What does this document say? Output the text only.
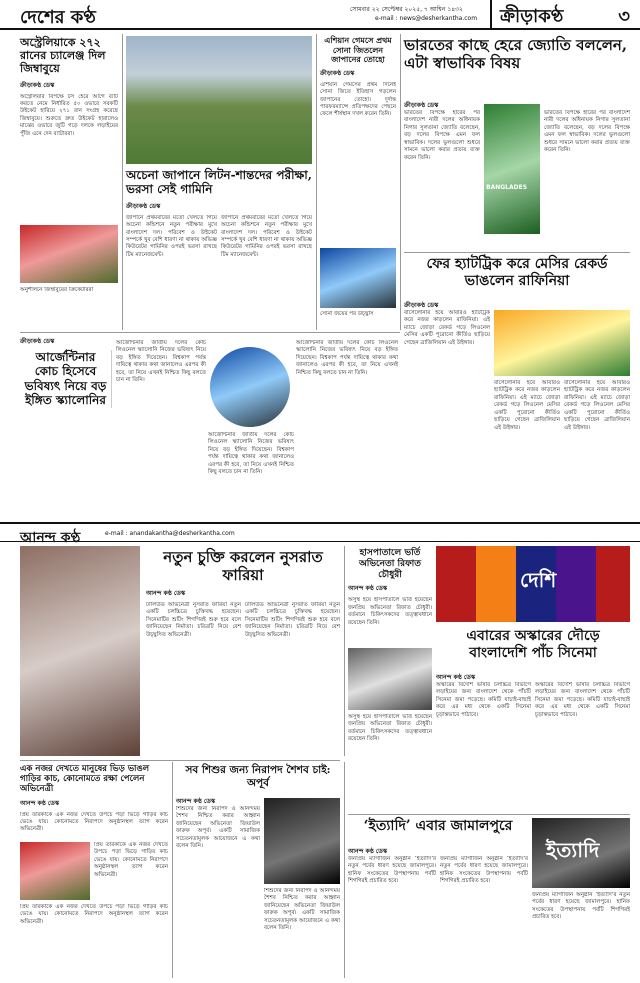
দেশের কণ্ঠ	সোমবার ২২ সেপ্টেম্বর ২০২৫, ৭ আশ্বিন ১৪৩২
e-mail : news@desherkantha.com ক্রীড়াকণ্ঠ	৩
অস্ট্রেলিয়াকে ২৭২ রানের চ্যালেঞ্জ দিল জিম্বাবুয়ে
ক্রীড়াকণ্ঠ ডেস্ক
অস্ট্রেলিয়ার বিপক্ষে টস হেরে আগে ব্যাট করতে নেমে নির্ধারিত ৫০ ওভারে সবকটি উইকেট হারিয়ে ২৭১ রান সংগ্রহ করেছে জিম্বাবুয়ে। শুরুতে দ্রুত উইকেট হারালেও মাঝের ওভারে জুটি গড়ে দলকে লড়াইয়ের পুঁজি এনে দেন ব্যাটাররা।
অনুশীলনে জিম্বাবুয়ের ক্রিকেটাররা
অচেনা জাপানে লিটন-শান্তদের পরীক্ষা, ভরসা সেই গামিনি
ক্রীড়াকণ্ঠ ডেস্ক
জাপানে প্রথমবারের মতো খেলতে গিয়ে অচেনা কন্ডিশনে নতুন পরীক্ষার মুখে বাংলাদেশ দল। পরিবেশ ও উইকেট সম্পর্কে খুব বেশি ধারণা না থাকায় অভিজ্ঞ কিউরেটর গামিনির ওপরই ভরসা রাখছে টিম ম্যানেজমেন্ট।
জাপানে প্রথমবারের মতো খেলতে গিয়ে অচেনা কন্ডিশনে নতুন পরীক্ষার মুখে বাংলাদেশ দল। পরিবেশ ও উইকেট সম্পর্কে খুব বেশি ধারণা না থাকায় অভিজ্ঞ কিউরেটর গামিনির ওপরই ভরসা রাখছে টিম ম্যানেজমেন্ট।
এশিয়ান গেমসে প্রথম সোনা জিতলেন জাপানের তোহো
ক্রীড়াকণ্ঠ ডেস্ক
এশিয়ান গেমসের প্রথম দিনেই সোনা জিতে ইতিহাস গড়লেন জাপানের তোহো। দুর্দান্ত পারফরম্যান্সে প্রতিপক্ষদের পেছনে ফেলে শীর্ষস্থান দখল করেন তিনি।
সোনা জয়ের পর উচ্ছ্বাস
ভারতের কাছে হেরে জ্যোতি বললেন, এটা স্বাভাবিক বিষয়
ক্রীড়াকণ্ঠ ডেস্ক
ভারতের বিপক্ষে হারের পর বাংলাদেশ নারী দলের অধিনায়ক নিগার সুলতানা জ্যোতি বলেছেন, বড় দলের বিপক্ষে এমন ফল স্বাভাবিক। দলের ভুলগুলো শুধরে সামনে ভালো করার প্রত্যয় ব্যক্ত করেন তিনি।
BANGLADES
ভারতের বিপক্ষে হারের পর বাংলাদেশ নারী দলের অধিনায়ক নিগার সুলতানা জ্যোতি বলেছেন, বড় দলের বিপক্ষে এমন ফল স্বাভাবিক। দলের ভুলগুলো শুধরে সামনে ভালো করার প্রত্যয় ব্যক্ত করেন তিনি।
ফের হ্যাটট্রিক করে মেসির রেকর্ড ভাঙলেন রাফিনিয়া
ক্রীড়াকণ্ঠ ডেস্ক
বার্সেলোনার হয়ে আবারও হ্যাটট্রিক করে নজর কাড়লেন রাফিনিয়া। এই ম্যাচে জোড়া রেকর্ড গড়ে লিওনেল মেসির একটি পুরোনো কীর্তিও ছাড়িয়ে গেছেন ব্রাজিলিয়ান এই উইঙ্গার।
বার্সেলোনার হয়ে আবারও হ্যাটট্রিক করে নজর কাড়লেন রাফিনিয়া। এই ম্যাচে জোড়া রেকর্ড গড়ে লিওনেল মেসির একটি পুরোনো কীর্তিও ছাড়িয়ে গেছেন ব্রাজিলিয়ান এই উইঙ্গার।
বার্সেলোনার হয়ে আবারও হ্যাটট্রিক করে নজর কাড়লেন রাফিনিয়া। এই ম্যাচে জোড়া রেকর্ড গড়ে লিওনেল মেসির একটি পুরোনো কীর্তিও ছাড়িয়ে গেছেন ব্রাজিলিয়ান এই উইঙ্গার।
ক্রীড়াকণ্ঠ ডেস্ক
আর্জেন্টিনার কোচ হিসেবে ভবিষ্যৎ নিয়ে বড় ইঙ্গিত স্ক্যালোনির
আর্জেন্টিনার জাতীয় দলের কোচ লিওনেল স্ক্যালোনি নিজের ভবিষ্যৎ নিয়ে বড় ইঙ্গিত দিয়েছেন। বিশ্বকাপ পর্যন্ত দায়িত্বে থাকার কথা জানালেও এরপর কী হবে, তা নিয়ে এখনই নিশ্চিত কিছু বলতে চান না তিনি।
আর্জেন্টিনার জাতীয় দলের কোচ লিওনেল স্ক্যালোনি নিজের ভবিষ্যৎ নিয়ে বড় ইঙ্গিত দিয়েছেন। বিশ্বকাপ পর্যন্ত দায়িত্বে থাকার কথা জানালেও এরপর কী হবে, তা নিয়ে এখনই নিশ্চিত কিছু বলতে চান না তিনি।
আর্জেন্টিনার জাতীয় দলের কোচ লিওনেল স্ক্যালোনি নিজের ভবিষ্যৎ নিয়ে বড় ইঙ্গিত দিয়েছেন। বিশ্বকাপ পর্যন্ত দায়িত্বে থাকার কথা জানালেও এরপর কী হবে, তা নিয়ে এখনই নিশ্চিত কিছু বলতে চান না তিনি।
আনন্দ কণ্ঠ	e-mail : anandakantha@desherkantha.com
নতুন চুক্তি করলেন নুসরাত ফারিয়া
আনন্দ কণ্ঠ ডেস্ক
ঢালিউড অভিনেত্রী নুসরাত ফারিয়া নতুন একটি চলচ্চিত্রে চুক্তিবদ্ধ হয়েছেন। সিনেমাটির শুটিং শিগগিরই শুরু হবে বলে জানিয়েছেন নির্মাতা। চরিত্রটি নিয়ে বেশ উচ্ছ্বসিত অভিনেত্রী।
ঢালিউড অভিনেত্রী নুসরাত ফারিয়া নতুন একটি চলচ্চিত্রে চুক্তিবদ্ধ হয়েছেন। সিনেমাটির শুটিং শিগগিরই শুরু হবে বলে জানিয়েছেন নির্মাতা। চরিত্রটি নিয়ে বেশ উচ্ছ্বসিত অভিনেত্রী।
হাসপাতালে ভর্তি অভিনেতা রিফাত চৌধুরী
আনন্দ কণ্ঠ ডেস্ক
অসুস্থ হয়ে হাসপাতালে ভর্তি হয়েছেন জনপ্রিয় অভিনেতা রিফাত চৌধুরী। বর্তমানে চিকিৎসকদের তত্ত্বাবধানে রয়েছেন তিনি।
দেশি
এবারের অস্কারের দৌড়ে বাংলাদেশি পাঁচ সিনেমা
অসুস্থ হয়ে হাসপাতালে ভর্তি হয়েছেন জনপ্রিয় অভিনেতা রিফাত চৌধুরী। বর্তমানে চিকিৎসকদের তত্ত্বাবধানে রয়েছেন তিনি।
আনন্দ কণ্ঠ ডেস্ক
অস্কারের বিদেশি ভাষার চলচ্চিত্র বিভাগে লড়াইয়ের জন্য বাংলাদেশ থেকে পাঁচটি সিনেমা জমা পড়েছে। কমিটি যাচাই-বাছাই করে এর মধ্য থেকে একটি সিনেমা চূড়ান্তভাবে পাঠাবে।
অস্কারের বিদেশি ভাষার চলচ্চিত্র বিভাগে লড়াইয়ের জন্য বাংলাদেশ থেকে পাঁচটি সিনেমা জমা পড়েছে। কমিটি যাচাই-বাছাই করে এর মধ্য থেকে একটি সিনেমা চূড়ান্তভাবে পাঠাবে।
এক নজর দেখতে মানুষের ভিড় ভাঙল গাড়ির কাচ, কোনোমতে রক্ষা পেলেন অভিনেত্রী
আনন্দ কণ্ঠ ডেস্ক
প্রিয় তারকাকে এক নজর দেখতে উপচে পড়া ভিড়ে গাড়ির কাচ ভেঙে যায়। কোনোমতে নিরাপদে অনুষ্ঠানস্থল ত্যাগ করেন অভিনেত্রী।
প্রিয় তারকাকে এক নজর দেখতে উপচে পড়া ভিড়ে গাড়ির কাচ ভেঙে যায়। কোনোমতে নিরাপদে অনুষ্ঠানস্থল ত্যাগ করেন অভিনেত্রী।
প্রিয় তারকাকে এক নজর দেখতে উপচে পড়া ভিড়ে গাড়ির কাচ ভেঙে যায়। কোনোমতে নিরাপদে অনুষ্ঠানস্থল ত্যাগ করেন অভিনেত্রী।
সব শিশুর জন্য নিরাপদ শৈশব চাই: অপূর্ব
আনন্দ কণ্ঠ ডেস্ক
শিশুদের জন্য নিরাপদ ও আনন্দময় শৈশব নিশ্চিত করার আহ্বান জানিয়েছেন অভিনেতা জিয়াউল ফারুক অপূর্ব। একটি সামাজিক সচেতনতামূলক আয়োজনে এ কথা বলেন তিনি।
শিশুদের জন্য নিরাপদ ও আনন্দময় শৈশব নিশ্চিত করার আহ্বান জানিয়েছেন অভিনেতা জিয়াউল ফারুক অপূর্ব। একটি সামাজিক সচেতনতামূলক আয়োজনে এ কথা বলেন তিনি।
‘ইত্যাদি’ এবার জামালপুরে
আনন্দ কণ্ঠ ডেস্ক
জনপ্রিয় ম্যাগাজিন অনুষ্ঠান ‘ইত্যাদি’র নতুন পর্বের ধারণ হয়েছে জামালপুরে। হানিফ সংকেতের উপস্থাপনায় পর্বটি শিগগিরই প্রচারিত হবে।
জনপ্রিয় ম্যাগাজিন অনুষ্ঠান ‘ইত্যাদি’র নতুন পর্বের ধারণ হয়েছে জামালপুরে। হানিফ সংকেতের উপস্থাপনায় পর্বটি শিগগিরই প্রচারিত হবে।
ইত্যাদি
জনপ্রিয় ম্যাগাজিন অনুষ্ঠান ‘ইত্যাদি’র নতুন পর্বের ধারণ হয়েছে জামালপুরে। হানিফ সংকেতের উপস্থাপনায় পর্বটি শিগগিরই প্রচারিত হবে।
